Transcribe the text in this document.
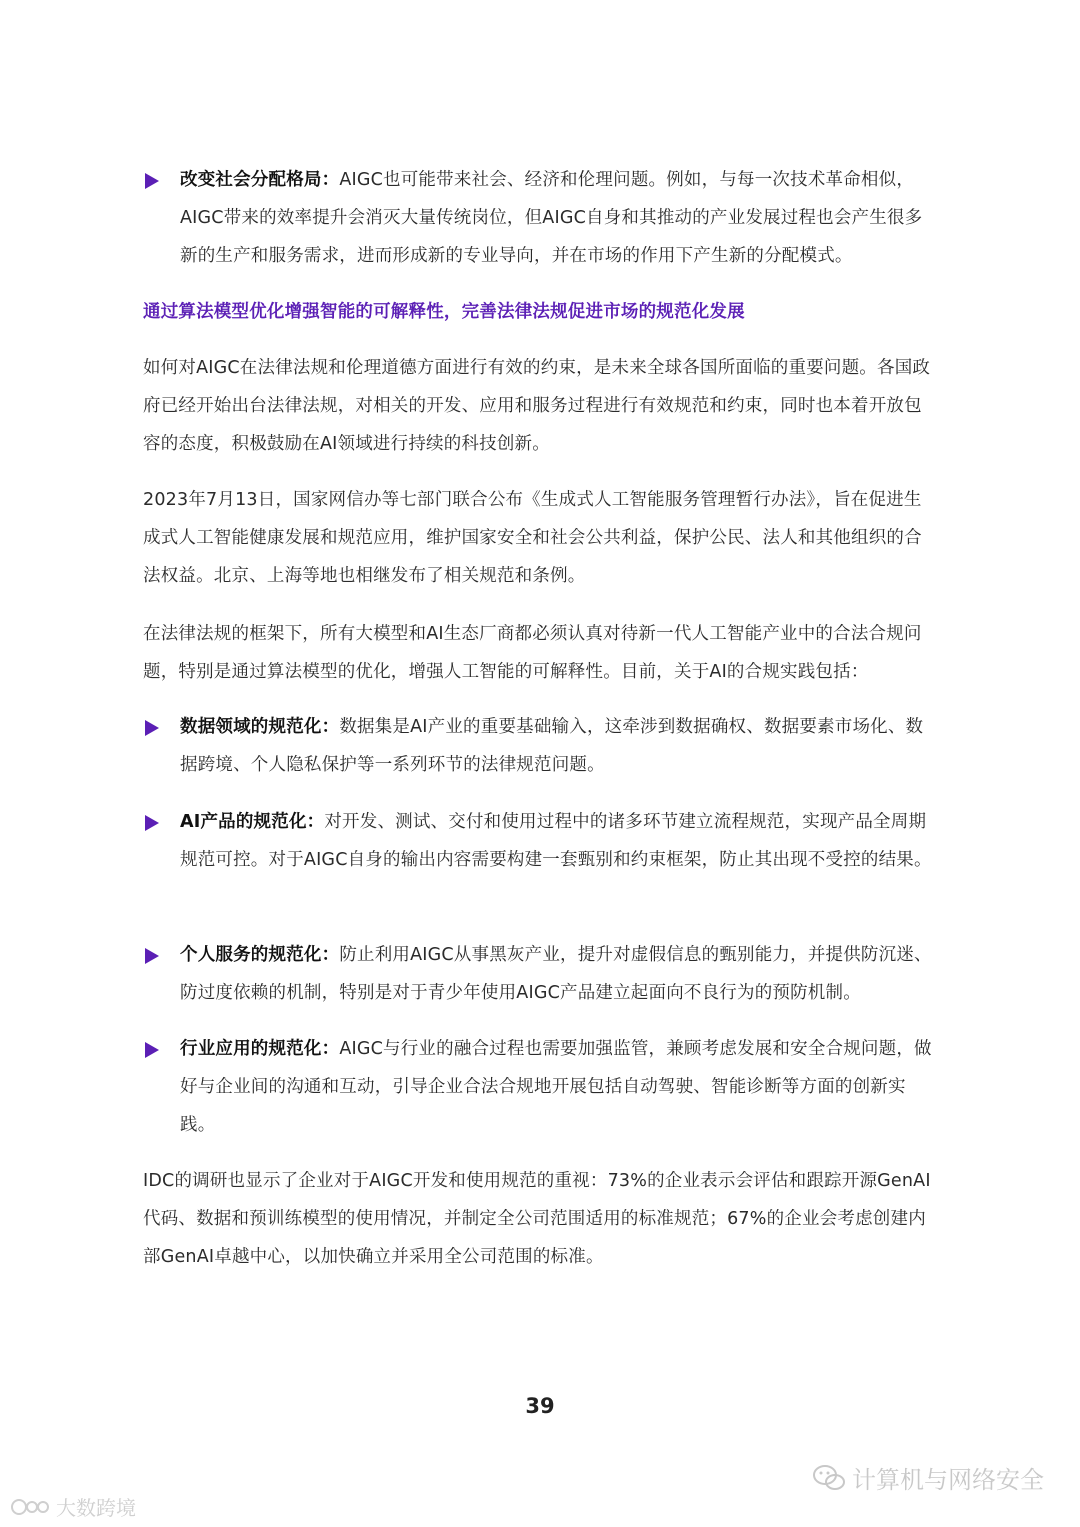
改变社会分配格局：AIGC也可能带来社会、经济和伦理问题。例如，与每一次技术革命相似，AIGC带来的效率提升会消灭大量传统岗位，但AIGC自身和其推动的产业发展过程也会产生很多新的生产和服务需求，进而形成新的专业导向，并在市场的作用下产生新的分配模式。
通过算法模型优化增强智能的可解释性，完善法律法规促进市场的规范化发展

如何对AIGC在法律法规和伦理道德方面进行有效的约束，是未来全球各国所面临的重要问题。各国政府已经开始出台法律法规，对相关的开发、应用和服务过程进行有效规范和约束，同时也本着开放包容的态度，积极鼓励在AI领域进行持续的科技创新。

2023年7月13日，国家网信办等七部门联合公布《生成式人工智能服务管理暂行办法》，旨在促进生成式人工智能健康发展和规范应用，维护国家安全和社会公共利益，保护公民、法人和其他组织的合法权益。北京、上海等地也相继发布了相关规范和条例。

在法律法规的框架下，所有大模型和AI生态厂商都必须认真对待新一代人工智能产业中的合法合规问题，特别是通过算法模型的优化，增强人工智能的可解释性。目前，关于AI的合规实践包括：

数据领域的规范化：数据集是AI产业的重要基础输入，这牵涉到数据确权、数据要素市场化、数据跨境、个人隐私保护等一系列环节的法律规范问题。
AI产品的规范化：对开发、测试、交付和使用过程中的诸多环节建立流程规范，实现产品全周期规范可控。对于AIGC自身的输出内容需要构建一套甄别和约束框架，防止其出现不受控的结果。
个人服务的规范化：防止利用AIGC从事黑灰产业，提升对虚假信息的甄别能力，并提供防沉迷、防过度依赖的机制，特别是对于青少年使用AIGC产品建立起面向不良行为的预防机制。
行业应用的规范化：AIGC与行业的融合过程也需要加强监管，兼顾考虑发展和安全合规问题，做好与企业间的沟通和互动，引导企业合法合规地开展包括自动驾驶、智能诊断等方面的创新实践。

IDC的调研也显示了企业对于AIGC开发和使用规范的重视：73%的企业表示会评估和跟踪开源GenAI代码、数据和预训练模型的使用情况，并制定全公司范围适用的标准规范；67%的企业会考虑创建内部GenAI卓越中心，以加快确立并采用全公司范围的标准。

39
计算机与网络安全
大数跨境
